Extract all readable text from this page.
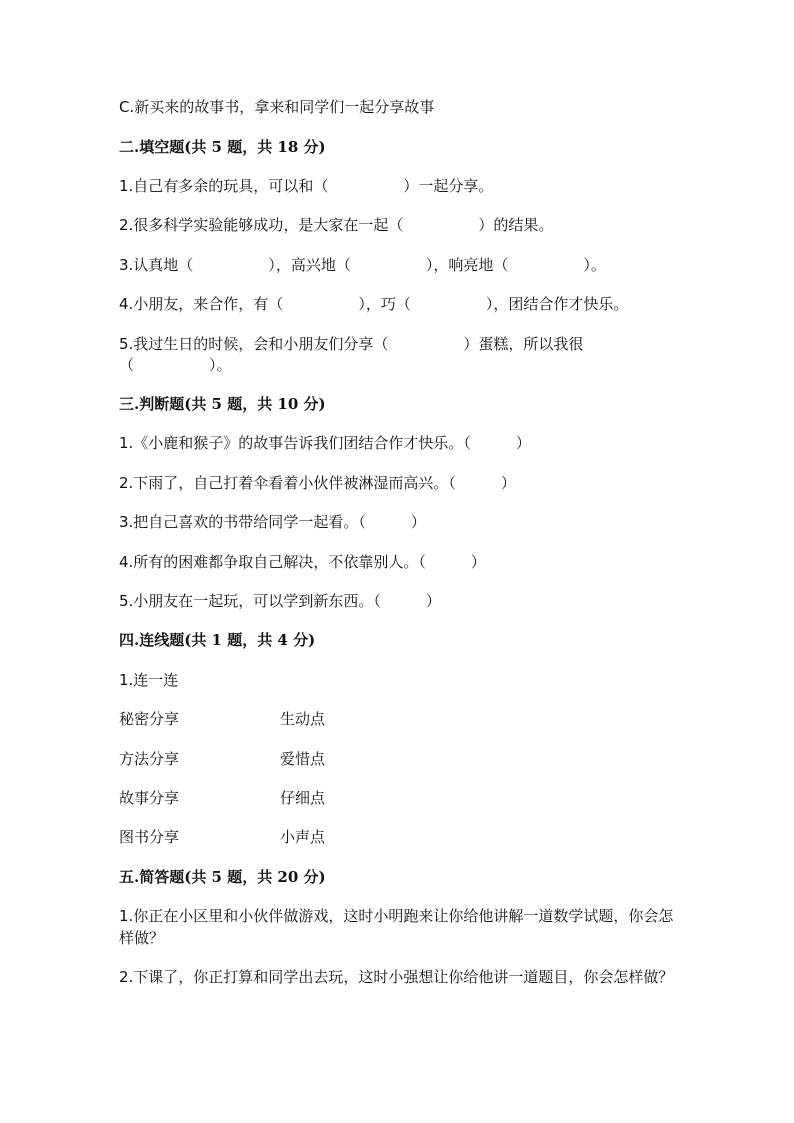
C.新买来的故事书，拿来和同学们一起分享故事
二.填空题(共 5 题，共 18 分)
1.自己有多余的玩具，可以和（　　　　　）一起分享。
2.很多科学实验能够成功，是大家在一起（　　　　　）的结果。
3.认真地（　　　　　），高兴地（　　　　　），响亮地（　　　　　）。
4.小朋友，来合作，有（　　　　　），巧（　　　　　），团结合作才快乐。
5.我过生日的时候，会和小朋友们分享（　　　　　）蛋糕，所以我很
（　　　　　）。
三.判断题(共 5 题，共 10 分)
1.《小鹿和猴子》的故事告诉我们团结合作才快乐。（　　　）
2.下雨了，自己打着伞看着小伙伴被淋湿而高兴。（　　　）
3.把自己喜欢的书带给同学一起看。（　　　）
4.所有的困难都争取自己解决，不依靠别人。（　　　）
5.小朋友在一起玩，可以学到新东西。（　　　）
四.连线题(共 1 题，共 4 分)
1.连一连
秘密分享	生动点
方法分享	爱惜点
故事分享	仔细点
图书分享	小声点
五.简答题(共 5 题，共 20 分)
1.你正在小区里和小伙伴做游戏，这时小明跑来让你给他讲解一道数学试题，你会怎样做？
2.下课了，你正打算和同学出去玩，这时小强想让你给他讲一道题目，你会怎样做？
